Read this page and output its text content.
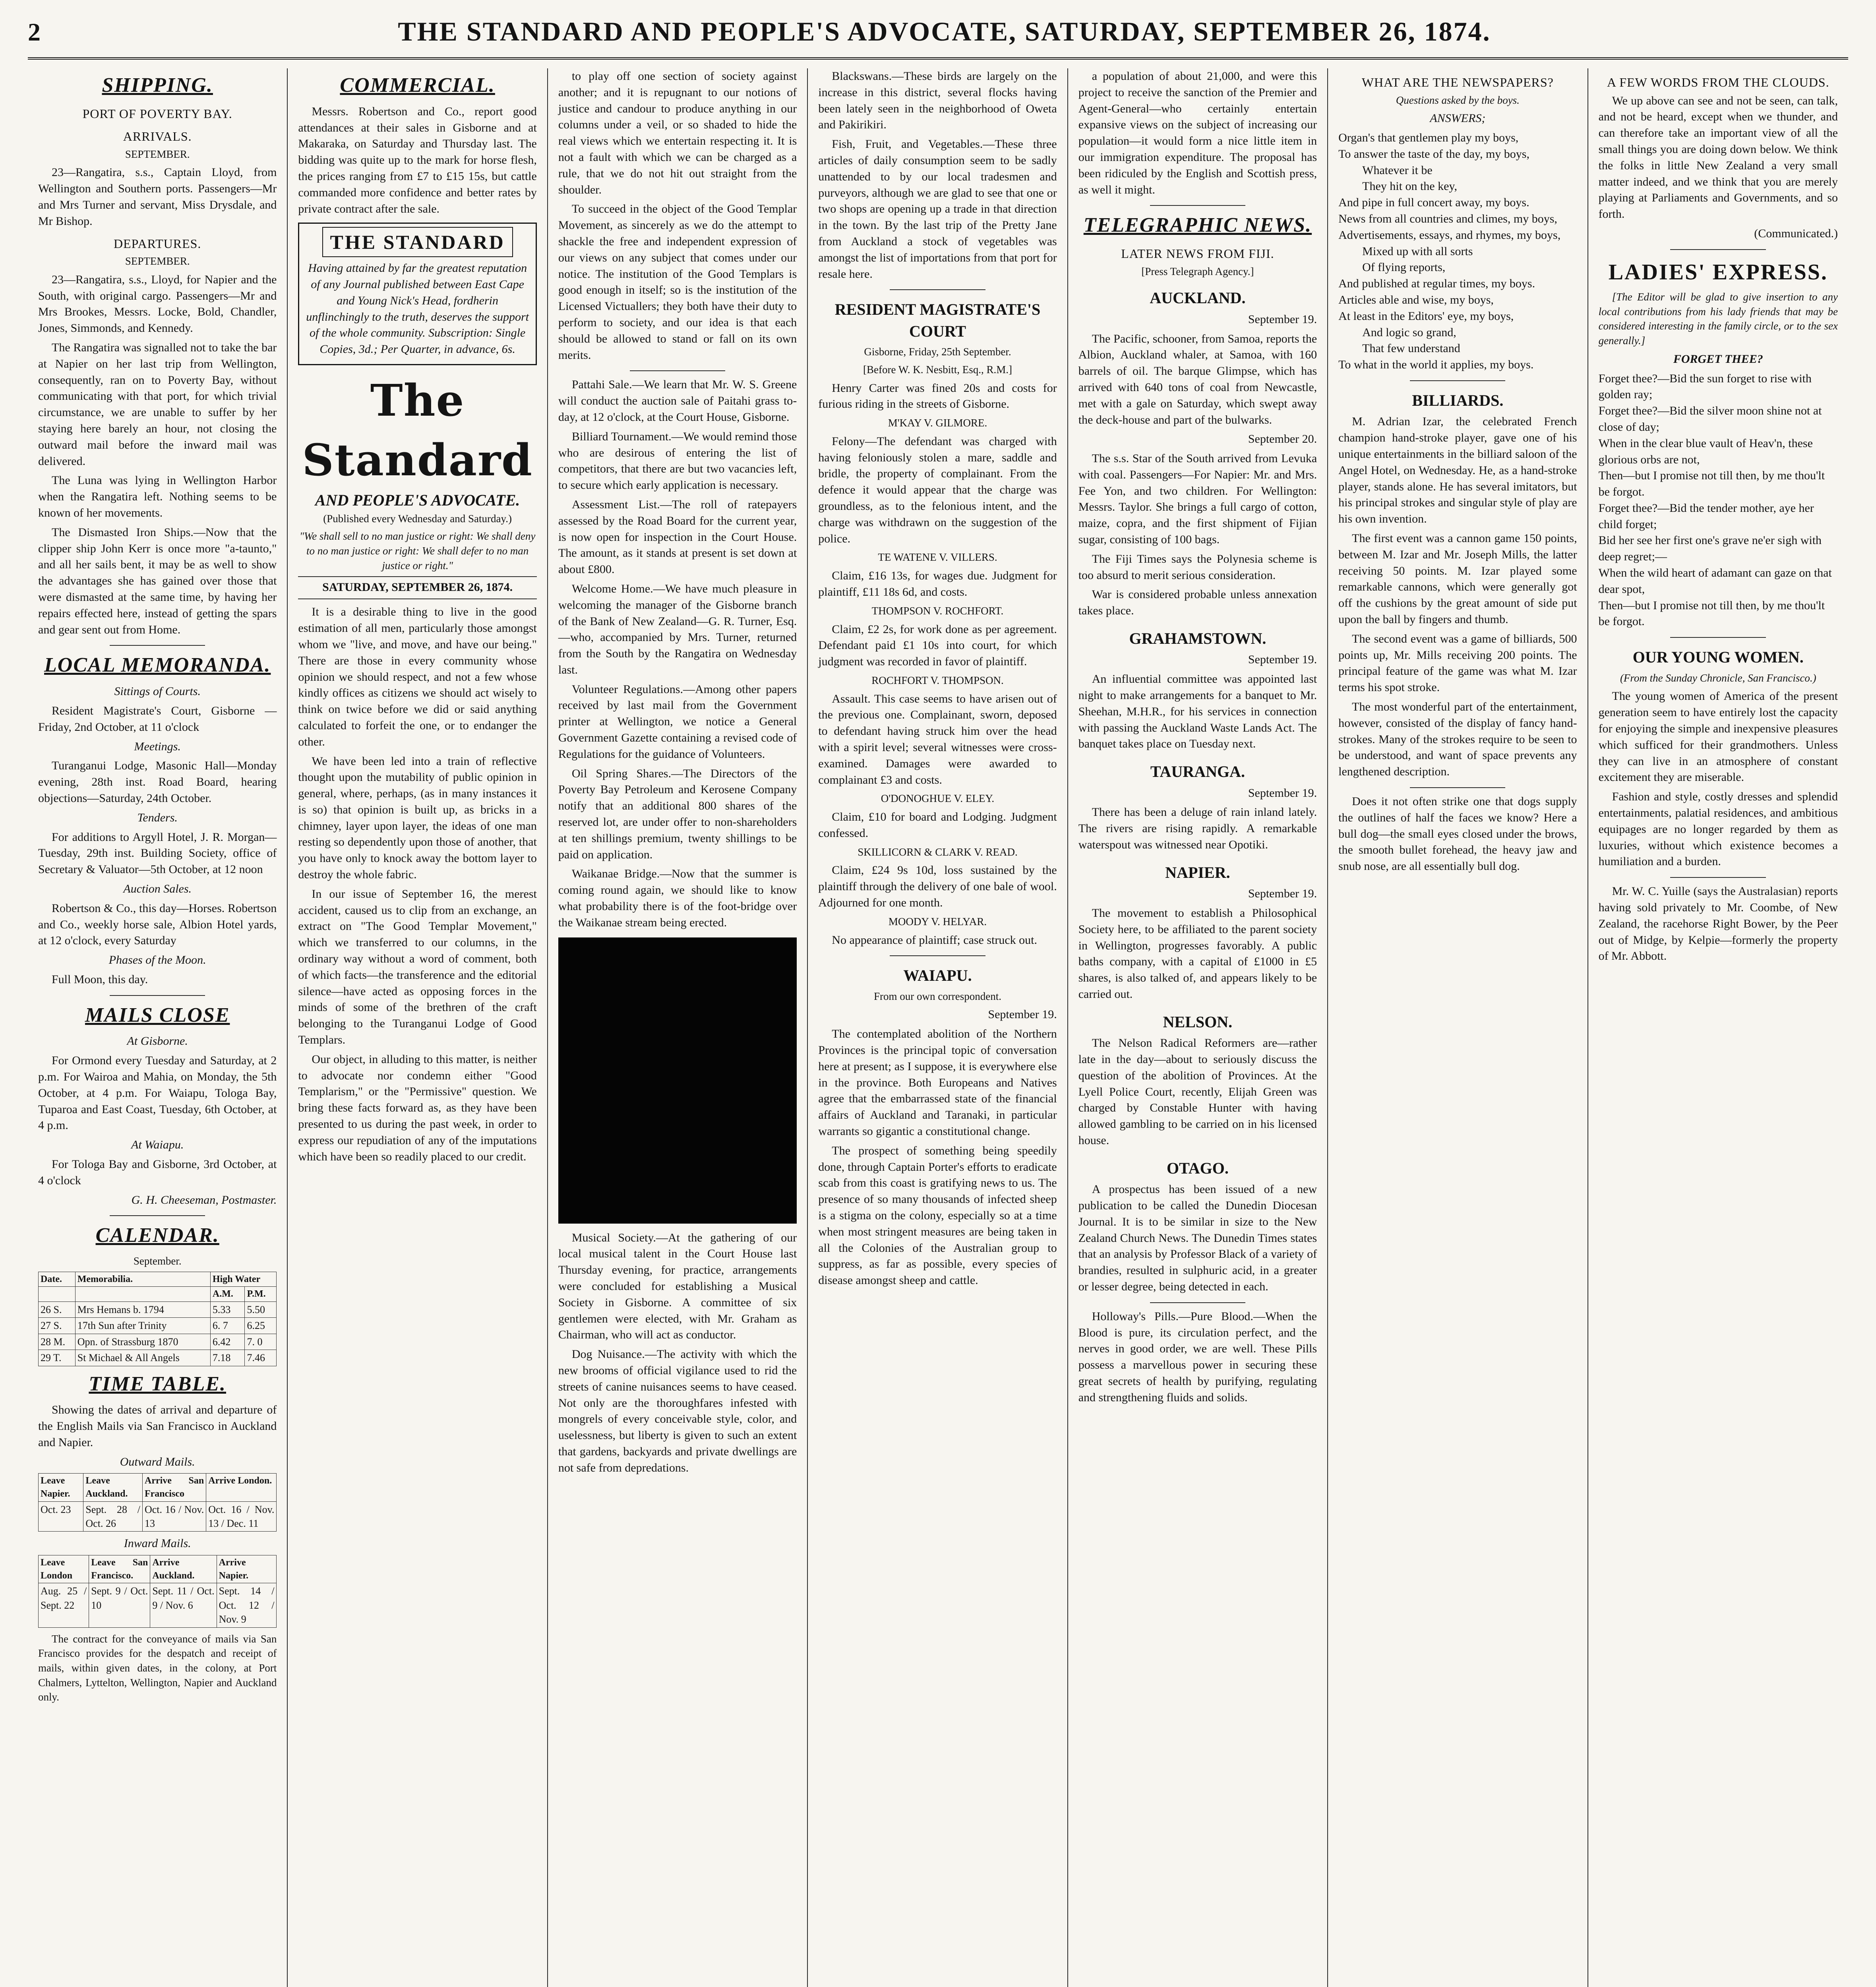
2	THE STANDARD AND PEOPLE'S ADVOCATE, SATURDAY, SEPTEMBER 26, 1874.
SHIPPING.
PORT OF POVERTY BAY.
ARRIVALS.

SEPTEMBER.

23—Rangatira, s.s., Captain Lloyd, from Wellington and Southern ports. Passengers—Mr and Mrs Turner and servant, Miss Drysdale, and Mr Bishop.

DEPARTURES.

SEPTEMBER.

23—Rangatira, s.s., Lloyd, for Napier and the South, with original cargo. Passengers—Mr and Mrs Brookes, Messrs. Locke, Bold, Chandler, Jones, Simmonds, and Kennedy.

The Rangatira was signalled not to take the bar at Napier on her last trip from Wellington, consequently, ran on to Poverty Bay, without communicating with that port, for which trivial circumstance, we are unable to suffer by her staying here barely an hour, not closing the outward mail before the inward mail was delivered.

The Luna was lying in Wellington Harbor when the Rangatira left. Nothing seems to be known of her movements.

The Dismasted Iron Ships.—Now that the clipper ship John Kerr is once more "a-taunto," and all her sails bent, it may be as well to show the advantages she has gained over those that were dismasted at the same time, by having her repairs effected here, instead of getting the spars and gear sent out from Home.

LOCAL MEMORANDA.

Sittings of Courts.

Resident Magistrate's Court, Gisborne — Friday, 2nd October, at 11 o'clock

Meetings.

Turanganui Lodge, Masonic Hall—Monday evening, 28th inst. Road Board, hearing objections—Saturday, 24th October.

Tenders.

For additions to Argyll Hotel, J. R. Morgan—Tuesday, 29th inst. Building Society, office of Secretary & Valuator—5th October, at 12 noon

Auction Sales.

Robertson & Co., this day—Horses. Robertson and Co., weekly horse sale, Albion Hotel yards, at 12 o'clock, every Saturday

Phases of the Moon.

Full Moon, this day.

MAILS CLOSE

At Gisborne.

For Ormond every Tuesday and Saturday, at 2 p.m. For Wairoa and Mahia, on Monday, the 5th October, at 4 p.m. For Waiapu, Tologa Bay, Tuparoa and East Coast, Tuesday, 6th October, at 4 p.m.

At Waiapu.

For Tologa Bay and Gisborne, 3rd October, at 4 o'clock

G. H. Cheeseman, Postmaster.

CALENDAR.

September.

Date.	Memorabilia.	High Water	
		A.M.	P.M.
26 S.	Mrs Hemans b. 1794	5.33	5.50
27 S.	17th Sun after Trinity	6. 7	6.25
28 M.	Opn. of Strassburg 1870	6.42	7. 0
29 T.	St Michael & All Angels	7.18	7.46
TIME TABLE.

Showing the dates of arrival and departure of the English Mails via San Francisco in Auckland and Napier.

Outward Mails.

Leave Napier.	Leave Auckland.	Arrive San Francisco	Arrive London.
Oct. 23	Sept. 28 / Oct. 26	Oct. 16 / Nov. 13	Oct. 16 / Nov. 13 / Dec. 11

Inward Mails.

Leave London	Leave San Francisco.	Arrive Auckland.	Arrive Napier.
Aug. 25 / Sept. 22	Sept. 9 / Oct. 10	Sept. 11 / Oct. 9 / Nov. 6	Sept. 14 / Oct. 12 / Nov. 9

The contract for the conveyance of mails via San Francisco provides for the despatch and receipt of mails, within given dates, in the colony, at Port Chalmers, Lyttelton, Wellington, Napier and Auckland only.

COMMERCIAL.

Messrs. Robertson and Co., report good attendances at their sales in Gisborne and at Makaraka, on Saturday and Thursday last. The bidding was quite up to the mark for horse flesh, the prices ranging from £7 to £15 15s, but cattle commanded more confidence and better rates by private contract after the sale.

THE STANDARD

Having attained by far the greatest reputation of any Journal published between East Cape and Young Nick's Head, fordherin unflinchingly to the truth, deserves the support of the whole community. Subscription: Single Copies, 3d.; Per Quarter, in advance, 6s.

The Standard
AND PEOPLE'S ADVOCATE.

(Published every Wednesday and Saturday.)

"We shall sell to no man justice or right: We shall deny to no man justice or right: We shall defer to no man justice or right."

SATURDAY, SEPTEMBER 26, 1874.

It is a desirable thing to live in the good estimation of all men, particularly those amongst whom we "live, and move, and have our being." There are those in every community whose opinion we should respect, and not a few whose kindly offices as citizens we should act wisely to think on twice before we did or said anything calculated to forfeit the one, or to endanger the other.

We have been led into a train of reflective thought upon the mutability of public opinion in general, where, perhaps, (as in many instances it is so) that opinion is built up, as bricks in a chimney, layer upon layer, the ideas of one man resting so dependently upon those of another, that you have only to knock away the bottom layer to destroy the whole fabric.

In our issue of September 16, the merest accident, caused us to clip from an exchange, an extract on "The Good Templar Movement," which we transferred to our columns, in the ordinary way without a word of comment, both of which facts—the transference and the editorial silence—have acted as opposing forces in the minds of some of the brethren of the craft belonging to the Turanganui Lodge of Good Templars.

Our object, in alluding to this matter, is neither to advocate nor condemn either "Good Templarism," or the "Permissive" question. We bring these facts forward as, as they have been presented to us during the past week, in order to express our repudiation of any of the imputations which have been so readily placed to our credit.

to play off one section of society against another; and it is repugnant to our notions of justice and candour to produce anything in our columns under a veil, or so shaded to hide the real views which we entertain respecting it. It is not a fault with which we can be charged as a rule, that we do not hit out straight from the shoulder.

To succeed in the object of the Good Templar Movement, as sincerely as we do the attempt to shackle the free and independent expression of our views on any subject that comes under our notice. The institution of the Good Templars is good enough in itself; so is the institution of the Licensed Victuallers; they both have their duty to perform to society, and our idea is that each should be allowed to stand or fall on its own merits.

Pattahi Sale.—We learn that Mr. W. S. Greene will conduct the auction sale of Paitahi grass to-day, at 12 o'clock, at the Court House, Gisborne.

Billiard Tournament.—We would remind those who are desirous of entering the list of competitors, that there are but two vacancies left, to secure which early application is necessary.

Assessment List.—The roll of ratepayers assessed by the Road Board for the current year, is now open for inspection in the Court House. The amount, as it stands at present is set down at about £800.

Welcome Home.—We have much pleasure in welcoming the manager of the Gisborne branch of the Bank of New Zealand—G. R. Turner, Esq.—who, accompanied by Mrs. Turner, returned from the South by the Rangatira on Wednesday last.

Volunteer Regulations.—Among other papers received by last mail from the Government printer at Wellington, we notice a General Government Gazette containing a revised code of Regulations for the guidance of Volunteers.

Oil Spring Shares.—The Directors of the Poverty Bay Petroleum and Kerosene Company notify that an additional 800 shares of the reserved lot, are under offer to non-shareholders at ten shillings premium, twenty shillings to be paid on application.

Waikanae Bridge.—Now that the summer is coming round again, we should like to know what probability there is of the foot-bridge over the Waikanae stream being erected.

Musical Society.—At the gathering of our local musical talent in the Court House last Thursday evening, for practice, arrangements were concluded for establishing a Musical Society in Gisborne. A committee of six gentlemen were elected, with Mr. Graham as Chairman, who will act as conductor.

Dog Nuisance.—The activity with which the new brooms of official vigilance used to rid the streets of canine nuisances seems to have ceased. Not only are the thoroughfares infested with mongrels of every conceivable style, color, and uselessness, but liberty is given to such an extent that gardens, backyards and private dwellings are not safe from depredations.

Blackswans.—These birds are largely on the increase in this district, several flocks having been lately seen in the neighborhood of Oweta and Pakirikiri.

Fish, Fruit, and Vegetables.—These three articles of daily consumption seem to be sadly unattended to by our local tradesmen and purveyors, although we are glad to see that one or two shops are opening up a trade in that direction in the town. By the last trip of the Pretty Jane from Auckland a stock of vegetables was amongst the list of importations from that port for resale here.

RESIDENT MAGISTRATE'S COURT

Gisborne, Friday, 25th September.

[Before W. K. Nesbitt, Esq., R.M.]

Henry Carter was fined 20s and costs for furious riding in the streets of Gisborne.

M'KAY V. GILMORE.

Felony—The defendant was charged with having feloniously stolen a mare, saddle and bridle, the property of complainant. From the defence it would appear that the charge was groundless, as to the felonious intent, and the charge was withdrawn on the suggestion of the police.

TE WATENE V. VILLERS.

Claim, £16 13s, for wages due. Judgment for plaintiff, £11 18s 6d, and costs.

THOMPSON V. ROCHFORT.

Claim, £2 2s, for work done as per agreement. Defendant paid £1 10s into court, for which judgment was recorded in favor of plaintiff.

ROCHFORT V. THOMPSON.

Assault. This case seems to have arisen out of the previous one. Complainant, sworn, deposed to defendant having struck him over the head with a spirit level; several witnesses were cross-examined. Damages were awarded to complainant £3 and costs.

O'DONOGHUE V. ELEY.

Claim, £10 for board and Lodging. Judgment confessed.

SKILLICORN & CLARK V. READ.

Claim, £24 9s 10d, loss sustained by the plaintiff through the delivery of one bale of wool. Adjourned for one month.

MOODY V. HELYAR.

No appearance of plaintiff; case struck out.

WAIAPU.

From our own correspondent.

September 19.

The contemplated abolition of the Northern Provinces is the principal topic of conversation here at present; as I suppose, it is everywhere else in the province. Both Europeans and Natives agree that the embarrassed state of the financial affairs of Auckland and Taranaki, in particular warrants so gigantic a constitutional change.

The prospect of something being speedily done, through Captain Porter's efforts to eradicate scab from this coast is gratifying news to us. The presence of so many thousands of infected sheep is a stigma on the colony, especially so at a time when most stringent measures are being taken in all the Colonies of the Australian group to suppress, as far as possible, every species of disease amongst sheep and cattle.

a population of about 21,000, and were this project to receive the sanction of the Premier and Agent-General—who certainly entertain expansive views on the subject of increasing our population—it would form a nice little item in our immigration expenditure. The proposal has been ridiculed by the English and Scottish press, as well it might.

TELEGRAPHIC NEWS.
LATER NEWS FROM FIJI.

[Press Telegraph Agency.]

AUCKLAND.

September 19.

The Pacific, schooner, from Samoa, reports the Albion, Auckland whaler, at Samoa, with 160 barrels of oil. The barque Glimpse, which has arrived with 640 tons of coal from Newcastle, met with a gale on Saturday, which swept away the deck-house and part of the bulwarks.

September 20.

The s.s. Star of the South arrived from Levuka with coal. Passengers—For Napier: Mr. and Mrs. Fee Yon, and two children. For Wellington: Messrs. Taylor. She brings a full cargo of cotton, maize, copra, and the first shipment of Fijian sugar, consisting of 100 bags.

The Fiji Times says the Polynesia scheme is too absurd to merit serious consideration.

War is considered probable unless annexation takes place.

GRAHAMSTOWN.

September 19.

An influential committee was appointed last night to make arrangements for a banquet to Mr. Sheehan, M.H.R., for his services in connection with passing the Auckland Waste Lands Act. The banquet takes place on Tuesday next.

TAURANGA.

September 19.

There has been a deluge of rain inland lately. The rivers are rising rapidly. A remarkable waterspout was witnessed near Opotiki.

NAPIER.

September 19.

The movement to establish a Philosophical Society here, to be affiliated to the parent society in Wellington, progresses favorably. A public baths company, with a capital of £1000 in £5 shares, is also talked of, and appears likely to be carried out.

NELSON.

The Nelson Radical Reformers are—rather late in the day—about to seriously discuss the question of the abolition of Provinces. At the Lyell Police Court, recently, Elijah Green was charged by Constable Hunter with having allowed gambling to be carried on in his licensed house.

OTAGO.

A prospectus has been issued of a new publication to be called the Dunedin Diocesan Journal. It is to be similar in size to the New Zealand Church News. The Dunedin Times states that an analysis by Professor Black of a variety of brandies, resulted in sulphuric acid, in a greater or lesser degree, being detected in each.

Holloway's Pills.—Pure Blood.—When the Blood is pure, its circulation perfect, and the nerves in good order, we are well. These Pills possess a marvellous power in securing these great secrets of health by purifying, regulating and strengthening fluids and solids.

WHAT ARE THE NEWSPAPERS?

Questions asked by the boys.

ANSWERS;

Organ's that gentlemen play my boys,

To answer the taste of the day, my boys,

Whatever it be

They hit on the key,

And pipe in full concert away, my boys.

News from all countries and climes, my boys,

Advertisements, essays, and rhymes, my boys,

Mixed up with all sorts

Of flying reports,

And published at regular times, my boys.

Articles able and wise, my boys,

At least in the Editors' eye, my boys,

And logic so grand,

That few understand

To what in the world it applies, my boys.

BILLIARDS.

M. Adrian Izar, the celebrated French champion hand-stroke player, gave one of his unique entertainments in the billiard saloon of the Angel Hotel, on Wednesday. He, as a hand-stroke player, stands alone. He has several imitators, but his principal strokes and singular style of play are his own invention.

The first event was a cannon game 150 points, between M. Izar and Mr. Joseph Mills, the latter receiving 50 points. M. Izar played some remarkable cannons, which were generally got off the cushions by the great amount of side put upon the ball by fingers and thumb.

The second event was a game of billiards, 500 points up, Mr. Mills receiving 200 points. The principal feature of the game was what M. Izar terms his spot stroke.

The most wonderful part of the entertainment, however, consisted of the display of fancy hand-strokes. Many of the strokes require to be seen to be understood, and want of space prevents any lengthened description.

Does it not often strike one that dogs supply the outlines of half the faces we know? Here a bull dog—the small eyes closed under the brows, the smooth bullet forehead, the heavy jaw and snub nose, are all essentially bull dog.

A FEW WORDS FROM THE CLOUDS.

We up above can see and not be seen, can talk, and not be heard, except when we thunder, and can therefore take an important view of all the small things you are doing down below. We think the folks in little New Zealand a very small matter indeed, and we think that you are merely playing at Parliaments and Governments, and so forth.

(Communicated.)

LADIES' EXPRESS.

[The Editor will be glad to give insertion to any local contributions from his lady friends that may be considered interesting in the family circle, or to the sex generally.]

FORGET THEE?

Forget thee?—Bid the sun forget to rise with golden ray;

Forget thee?—Bid the silver moon shine not at close of day;

When in the clear blue vault of Heav'n, these glorious orbs are not,

Then—but I promise not till then, by me thou'lt be forgot.

Forget thee?—Bid the tender mother, aye her child forget;

Bid her see her first one's grave ne'er sigh with deep regret;—

When the wild heart of adamant can gaze on that dear spot,

Then—but I promise not till then, by me thou'lt be forgot.

OUR YOUNG WOMEN.

(From the Sunday Chronicle, San Francisco.)

The young women of America of the present generation seem to have entirely lost the capacity for enjoying the simple and inexpensive pleasures which sufficed for their grandmothers. Unless they can live in an atmosphere of constant excitement they are miserable.

Fashion and style, costly dresses and splendid entertainments, palatial residences, and ambitious equipages are no longer regarded by them as luxuries, without which existence becomes a humiliation and a burden.

Mr. W. C. Yuille (says the Australasian) reports having sold privately to Mr. Coombe, of New Zealand, the racehorse Right Bower, by the Peer out of Midge, by Kelpie—formerly the property of Mr. Abbott.
